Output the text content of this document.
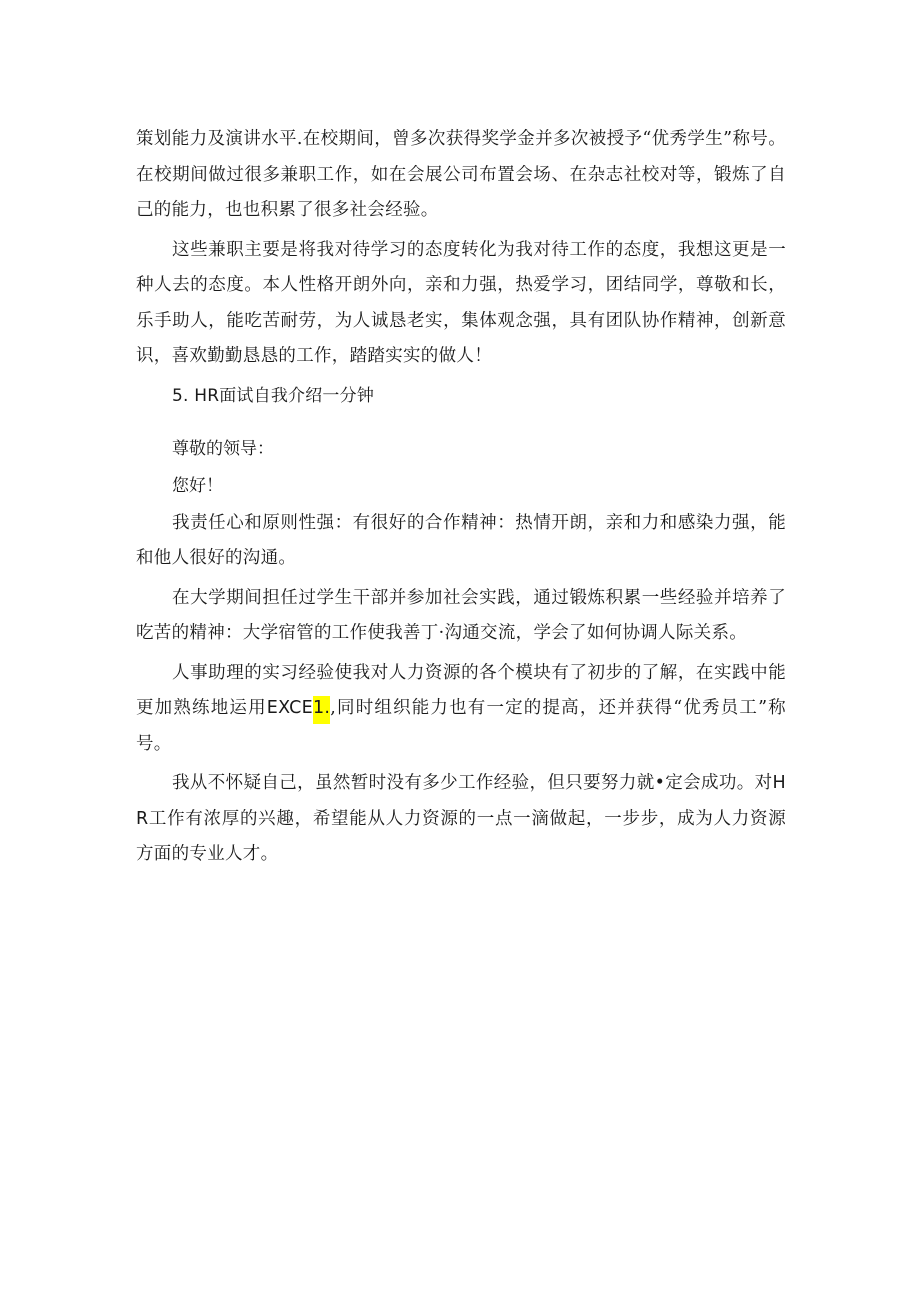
策划能力及演讲水平.在校期间，曾多次获得奖学金并多次被授予“优秀学生”称号。在校期间做过很多兼职工作，如在会展公司布置会场、在杂志社校对等，锻炼了自己的能力，也也积累了很多社会经验。

这些兼职主要是将我对待学习的态度转化为我对待工作的态度，我想这更是一种人去的态度。本人性格开朗外向，亲和力强，热爱学习，团结同学，尊敬和长，乐手助人，能吃苦耐劳，为人诚恳老实，集体观念强，具有团队协作精神，创新意识，喜欢勤勤恳恳的工作，踏踏实实的做人！

5. HR面试自我介绍一分钟
尊敬的领导：
您好！

我责任心和原则性强：有很好的合作精神：热情开朗，亲和力和感染力强，能和他人很好的沟通。

在大学期间担任过学生干部并参加社会实践，通过锻炼积累一些经验并培养了吃苦的精神：大学宿管的工作使我善丁·沟通交流，学会了如何协调人际关系。

人事助理的实习经验使我对人力资源的各个模块有了初步的了解，在实践中能更加熟练地运用EXCE1.,同时组织能力也有一定的提高，还并获得“优秀员工”称号。

我从不怀疑自己，虽然暂时没有多少工作经验，但只要努力就•定会成功。对HR工作有浓厚的兴趣，希望能从人力资源的一点一滴做起，一步步，成为人力资源方面的专业人才。
